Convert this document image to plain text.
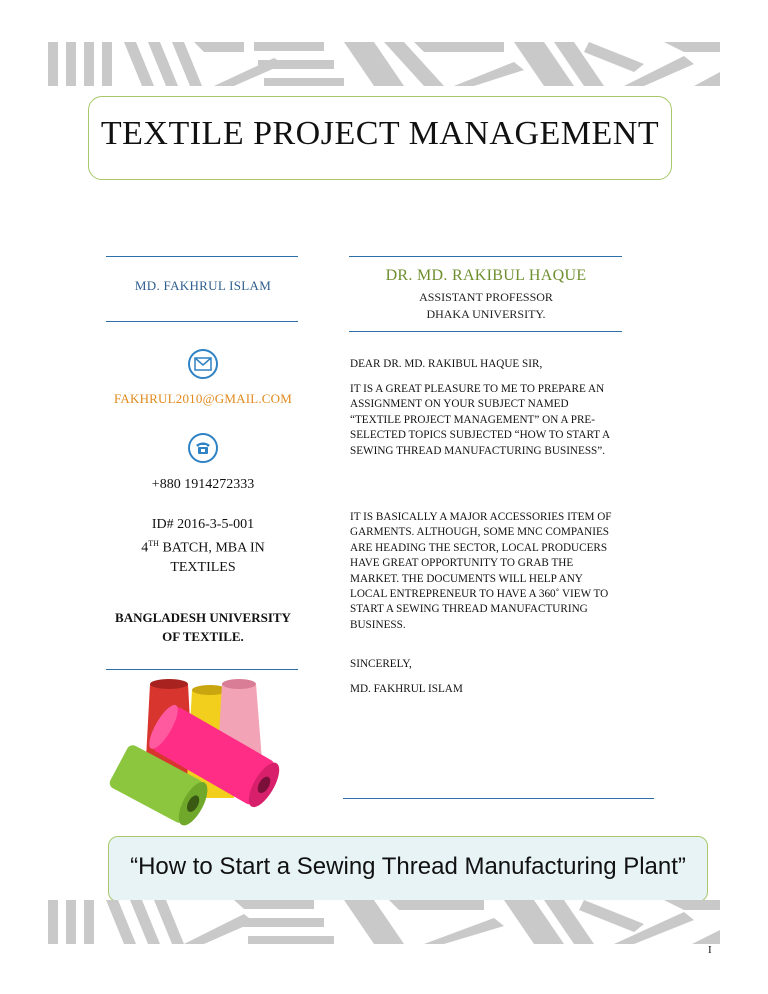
TEXTILE PROJECT MANAGEMENT
MD. FAKHRUL ISLAM
FAKHRUL2010@GMAIL.COM
+880 1914272333
ID# 2016-3-5-001
4TH BATCH, MBA IN
TEXTILES
BANGLADESH UNIVERSITY
OF TEXTILE.
DR. MD. RAKIBUL HAQUE
ASSISTANT PROFESSOR
DHAKA UNIVERSITY.

DEAR DR. MD. RAKIBUL HAQUE SIR,

IT IS A GREAT PLEASURE TO ME TO PREPARE AN ASSIGNMENT ON YOUR SUBJECT NAMED “TEXTILE PROJECT MANAGEMENT” ON A PRE-SELECTED TOPICS SUBJECTED “HOW TO START A SEWING THREAD MANUFACTURING BUSINESS”.
IT IS BASICALLY A MAJOR ACCESSORIES ITEM OF GARMENTS. ALTHOUGH, SOME MNC COMPANIES ARE HEADING THE SECTOR, LOCAL PRODUCERS HAVE GREAT OPPORTUNITY TO GRAB THE MARKET. THE DOCUMENTS WILL HELP ANY LOCAL ENTREPRENEUR TO HAVE A 360˚ VIEW TO START A SEWING THREAD MANUFACTURING BUSINESS.
SINCERELY,
MD. FAKHRUL ISLAM
“How to Start a Sewing Thread Manufacturing Plant”
I
